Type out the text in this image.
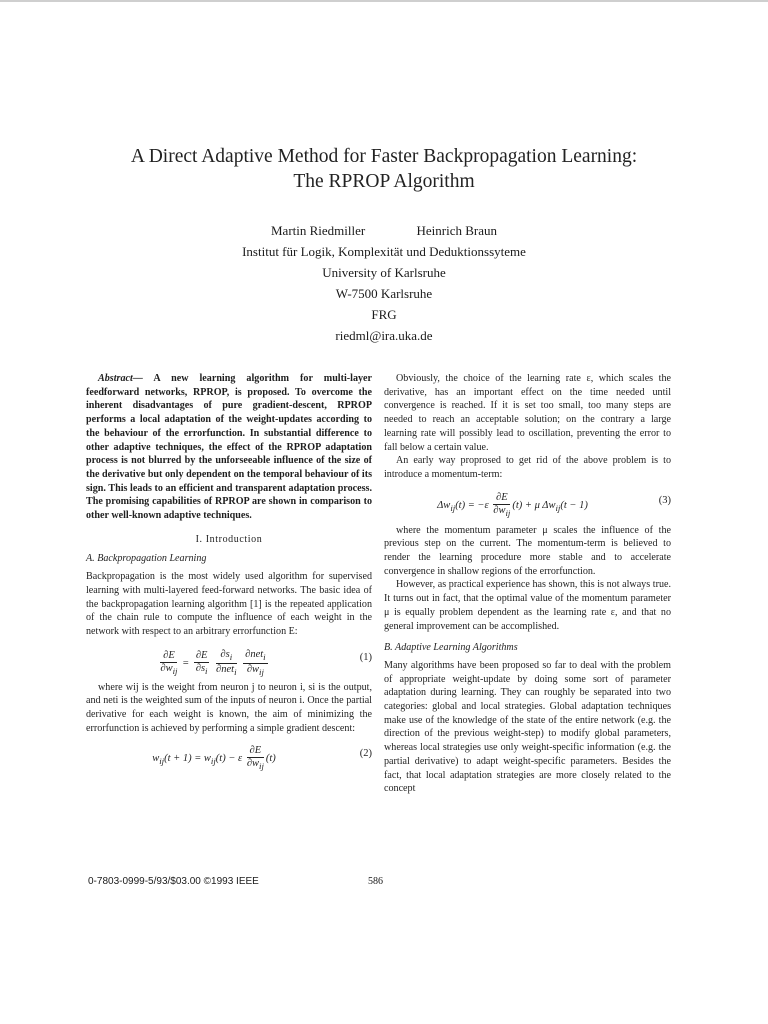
A Direct Adaptive Method for Faster Backpropagation Learning:
The RPROP Algorithm
Martin Riedmiller	Heinrich Braun
Institut für Logik, Komplexität und Deduktionssyteme
University of Karlsruhe
W-7500 Karlsruhe
FRG
riedml@ira.uka.de

Abstract— A new learning algorithm for multi-layer feedforward networks, RPROP, is proposed. To overcome the inherent disadvantages of pure gradient-descent, RPROP performs a local adaptation of the weight-updates according to the behaviour of the errorfunction. In substantial difference to other adaptive techniques, the effect of the RPROP adaptation process is not blurred by the unforseeable influence of the size of the derivative but only dependent on the temporal behaviour of its sign. This leads to an efficient and transparent adaptation process. The promising capabilities of RPROP are shown in comparison to other well-known adaptive techniques.

I. Introduction
A. Backpropagation Learning

Backpropagation is the most widely used algorithm for supervised learning with multi-layered feed-forward networks. The basic idea of the backpropagation learning algorithm [1] is the repeated application of the chain rule to compute the influence of each weight in the network with respect to an arbitrary errorfunction E:

$\frac{\partial E}{\partial w_{ij}} = \frac{\partial E}{\partial s_i}$
$\frac{\partial s_i}{\partial net_i}$
$\frac{\partial net_i}{\partial w_{ij}}$	(1)

where wij is the weight from neuron j to neuron i, si is the output, and neti is the weighted sum of the inputs of neuron i. Once the partial derivative for each weight is known, the aim of minimizing the errorfunction is achieved by performing a simple gradient descent:

$w_{ij}(t + 1) = w_{ij}(t) - \varepsilon \frac{\partial E}{\partial w_{ij}} (t)$	(2)

Obviously, the choice of the learning rate ε, which scales the derivative, has an important effect on the time needed until convergence is reached. If it is set too small, too many steps are needed to reach an acceptable solution; on the contrary a large learning rate will possibly lead to oscillation, preventing the error to fall below a certain value.

An early way proprosed to get rid of the above problem is to introduce a momentum-term:

$\Delta w_{ij}(t) = -\varepsilon \frac{\partial E}{\partial w_{ij}} (t) + \mu$ $\Delta w_{ij}(t - 1)$	(3)

where the momentum parameter μ scales the influence of the previous step on the current. The momentum-term is believed to render the learning procedure more stable and to accelerate convergence in shallow regions of the errorfunction.

However, as practical experience has shown, this is not always true. It turns out in fact, that the optimal value of the momentum parameter μ is equally problem dependent as the learning rate ε, and that no general improvement can be accomplished.

B. Adaptive Learning Algorithms

Many algorithms have been proposed so far to deal with the problem of appropriate weight-update by doing some sort of parameter adaptation during learning. They can roughly be separated into two categories: global and local strategies. Global adaptation techniques make use of the knowledge of the state of the entire network (e.g. the direction of the previous weight-step) to modify global parameters, whereas local strategies use only weight-specific information (e.g. the partial derivative) to adapt weight-specific parameters. Besides the fact, that local adaptation strategies are more closely related to the concept

0-7803-0999-5/93/$03.00 ©1993 IEEE	586
